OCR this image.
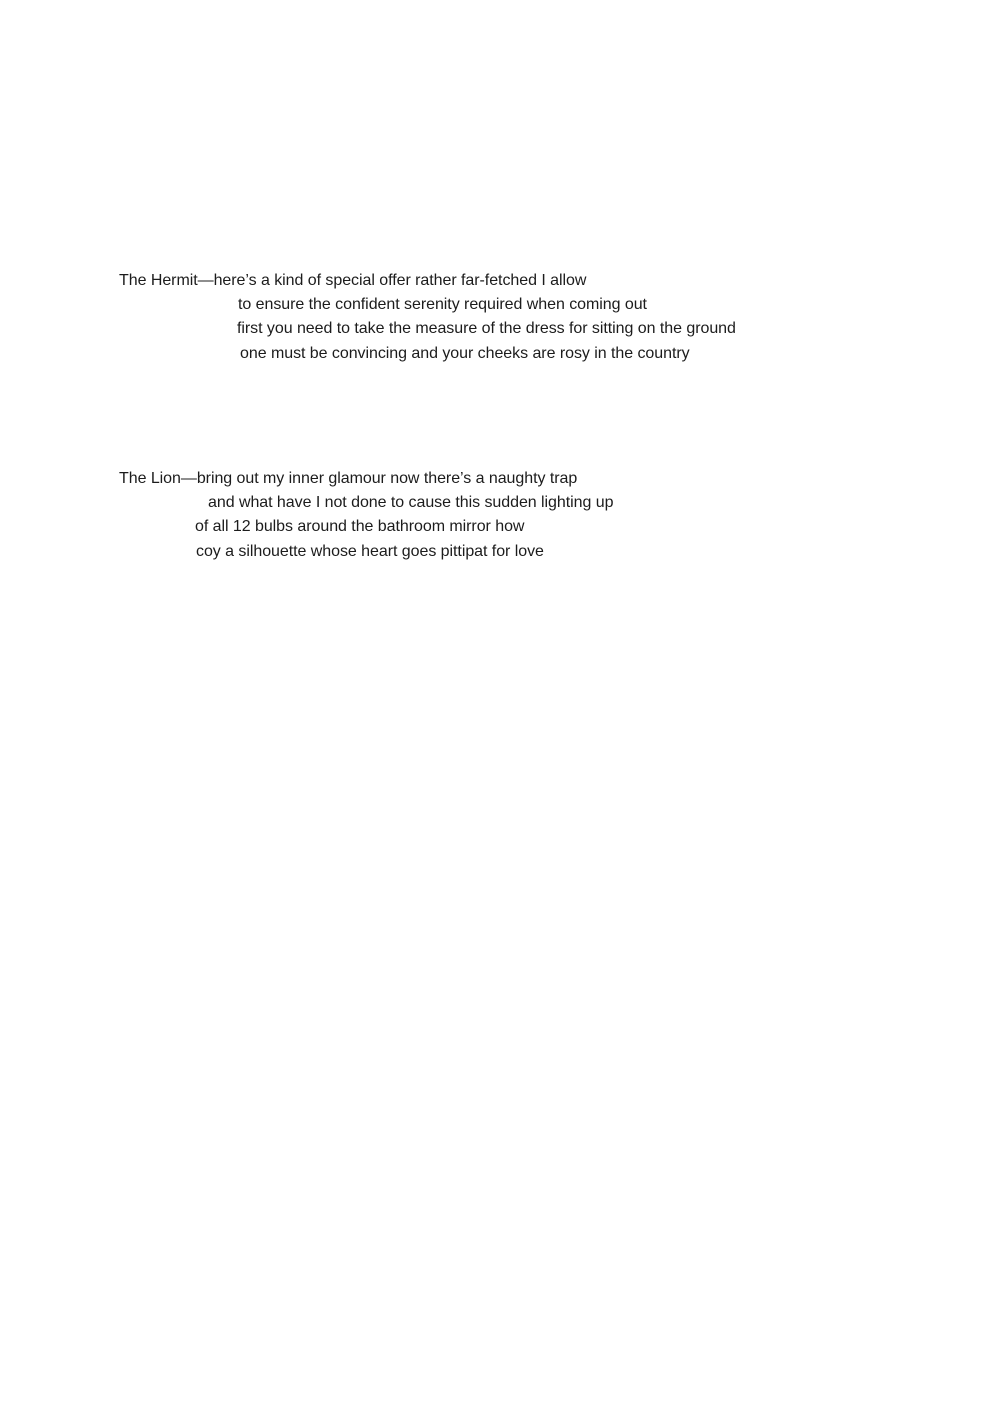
The Hermit—here’s a kind of special offer rather far-fetched I allow
to ensure the confident serenity required when coming out
first you need to take the measure of the dress for sitting on the ground
one must be convincing and your cheeks are rosy in the country
The Lion—bring out my inner glamour now there’s a naughty trap
and what have I not done to cause this sudden lighting up
of all 12 bulbs around the bathroom mirror how
coy a silhouette whose heart goes pittipat for love
